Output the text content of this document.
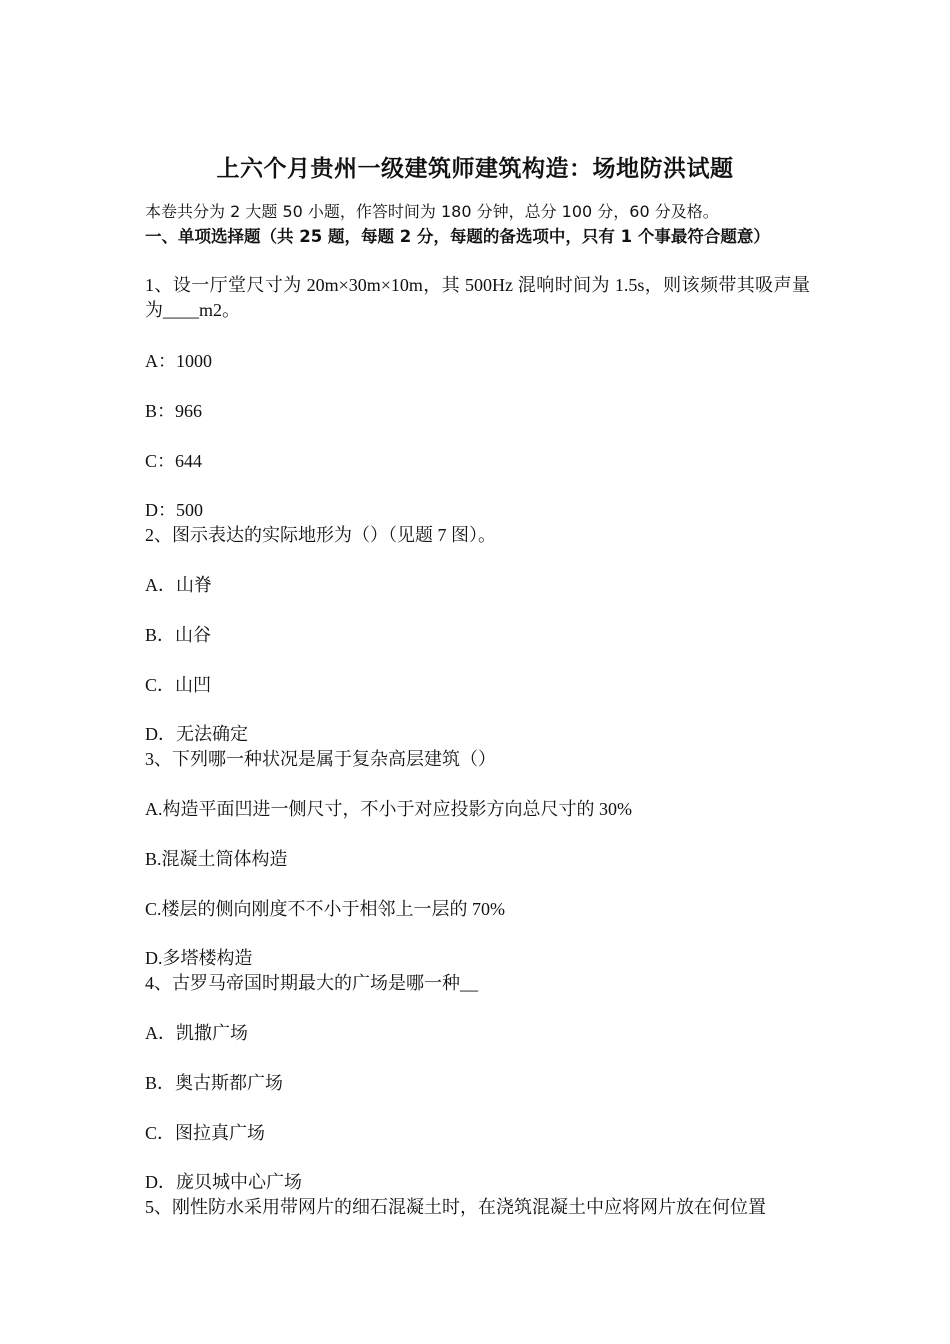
上六个月贵州一级建筑师建筑构造：场地防洪试题
本卷共分为 2 大题 50 小题，作答时间为 180 分钟，总分 100 分，60 分及格。
一、单项选择题（共 25 题，每题 2 分，每题的备选项中，只有 1 个事最符合题意）
1、设一厅堂尺寸为 20m×30m×10m，其 500Hz 混响时间为 1.5s，则该频带其吸声量为____m2。
A：1000
B：966
C：644
D：500
2、图示表达的实际地形为（）（见题 7 图）。
A．山脊
B．山谷
C．山凹
D．无法确定
3、下列哪一种状况是属于复杂高层建筑（）
A.构造平面凹进一侧尺寸，不小于对应投影方向总尺寸的 30%
B.混凝土筒体构造
C.楼层的侧向刚度不不小于相邻上一层的 70%
D.多塔楼构造
4、古罗马帝国时期最大的广场是哪一种__
A．凯撒广场
B．奥古斯都广场
C．图拉真广场
D．庞贝城中心广场
5、刚性防水采用带网片的细石混凝土时，在浇筑混凝土中应将网片放在何位置
